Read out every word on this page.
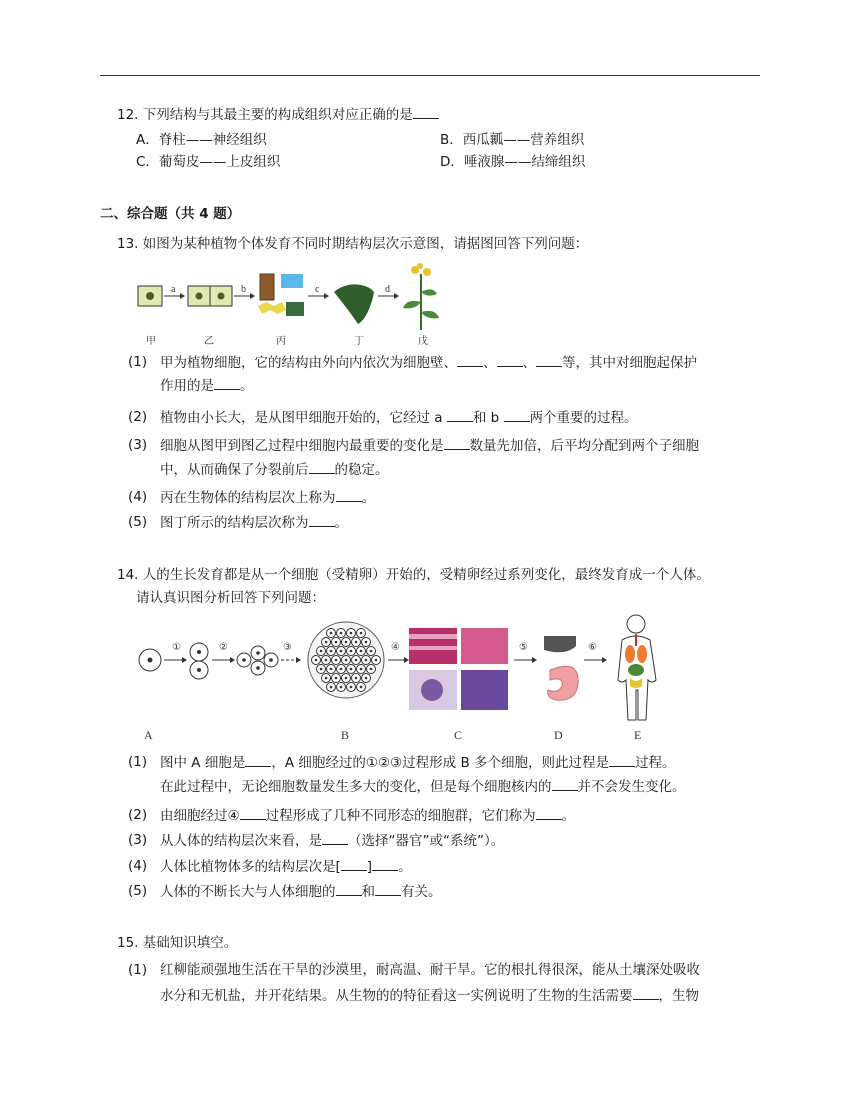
12. 下列结构与其最主要的构成组织对应正确的是
A．脊柱——神经组织	B．西瓜瓤——营养组织
C．葡萄皮——上皮组织	D．唾液腺——结缔组织
二、综合题（共 4 题）
13. 如图为某种植物个体发育不同时期结构层次示意图，请据图回答下列问题：
a	b	c	d
甲	乙	丙	丁	戊
(1) 甲为植物细胞，它的结构由外向内依次为细胞壁、 、 、 等，其中对细胞起保护
作用的是 。
(2) 植物由小长大，是从图甲细胞开始的，它经过 a 和 b 两个重要的过程。
(3) 细胞从图甲到图乙过程中细胞内最重要的变化是 数量先加倍，后平均分配到两个子细胞
中，从而确保了分裂前后 的稳定。
(4) 丙在生物体的结构层次上称为 。
(5) 图丁所示的结构层次称为 。
14. 人的生长发育都是从一个细胞（受精卵）开始的，受精卵经过系列变化，最终发育成一个人体。
请认真识图分析回答下列问题：
①	②	③	④	⑤	⑥
A	B	C	D	E
(1) 图中 A 细胞是 ，A 细胞经过的①②③过程形成 B 多个细胞，则此过程是 过程。
在此过程中，无论细胞数量发生多大的变化，但是每个细胞核内的 并不会发生变化。
(2) 由细胞经过④ 过程形成了几种不同形态的细胞群，它们称为 。
(3) 从人体的结构层次来看，是 （选择“器官”或“系统”）。
(4) 人体比植物体多的结构层次是[ ] 。
(5) 人体的不断长大与人体细胞的 和 有关。
15. 基础知识填空。
(1) 红柳能顽强地生活在干旱的沙漠里，耐高温、耐干旱。它的根扎得很深，能从土壤深处吸收
水分和无机盐，并开花结果。从生物的的特征看这一实例说明了生物的生活需要 ，生物
